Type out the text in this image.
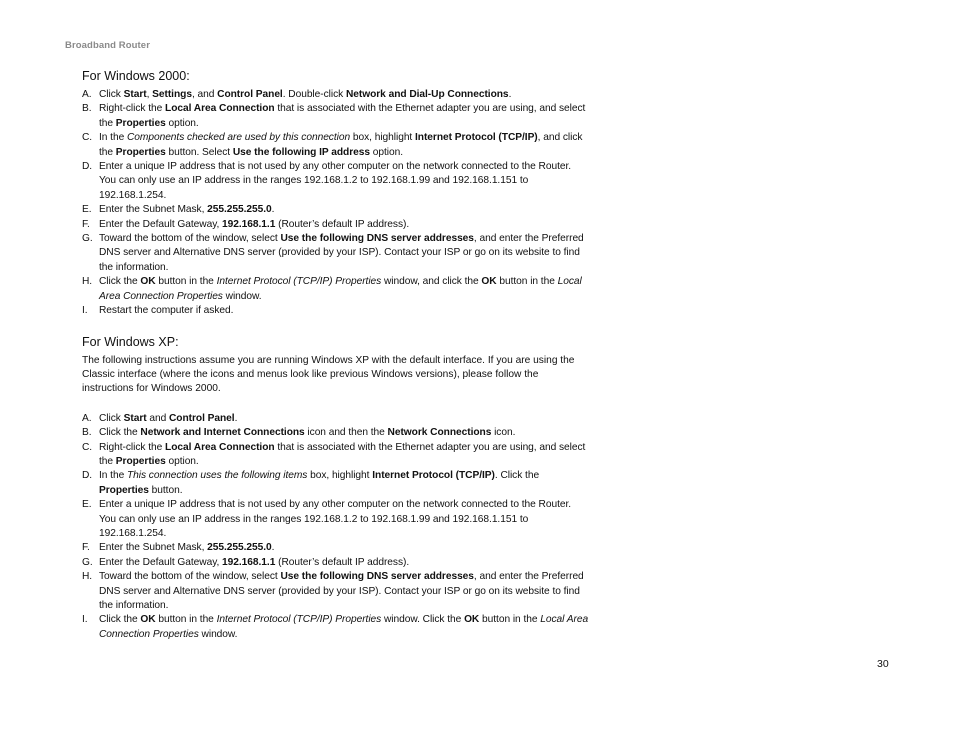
Broadband Router
For Windows 2000:
A. Click Start, Settings, and Control Panel. Double-click Network and Dial-Up Connections.
B. Right-click the Local Area Connection that is associated with the Ethernet adapter you are using, and select the Properties option.
C. In the Components checked are used by this connection box, highlight Internet Protocol (TCP/IP), and click the Properties button. Select Use the following IP address option.
D. Enter a unique IP address that is not used by any other computer on the network connected to the Router. You can only use an IP address in the ranges 192.168.1.2 to 192.168.1.99 and 192.168.1.151 to 192.168.1.254.
E. Enter the Subnet Mask, 255.255.255.0.
F. Enter the Default Gateway, 192.168.1.1 (Router’s default IP address).
G. Toward the bottom of the window, select Use the following DNS server addresses, and enter the Preferred DNS server and Alternative DNS server (provided by your ISP). Contact your ISP or go on its website to find the information.
H. Click the OK button in the Internet Protocol (TCP/IP) Properties window, and click the OK button in the Local Area Connection Properties window.
I. Restart the computer if asked.
For Windows XP:

The following instructions assume you are running Windows XP with the default interface. If you are using the Classic interface (where the icons and menus look like previous Windows versions), please follow the instructions for Windows 2000.

A. Click Start and Control Panel.
B. Click the Network and Internet Connections icon and then the Network Connections icon.
C. Right-click the Local Area Connection that is associated with the Ethernet adapter you are using, and select the Properties option.
D. In the This connection uses the following items box, highlight Internet Protocol (TCP/IP). Click the Properties button.
E. Enter a unique IP address that is not used by any other computer on the network connected to the Router. You can only use an IP address in the ranges 192.168.1.2 to 192.168.1.99 and 192.168.1.151 to 192.168.1.254.
F. Enter the Subnet Mask, 255.255.255.0.
G. Enter the Default Gateway, 192.168.1.1 (Router’s default IP address).
H. Toward the bottom of the window, select Use the following DNS server addresses, and enter the Preferred DNS server and Alternative DNS server (provided by your ISP). Contact your ISP or go on its website to find the information.
I. Click the OK button in the Internet Protocol (TCP/IP) Properties window. Click the OK button in the Local Area Connection Properties window.
30
